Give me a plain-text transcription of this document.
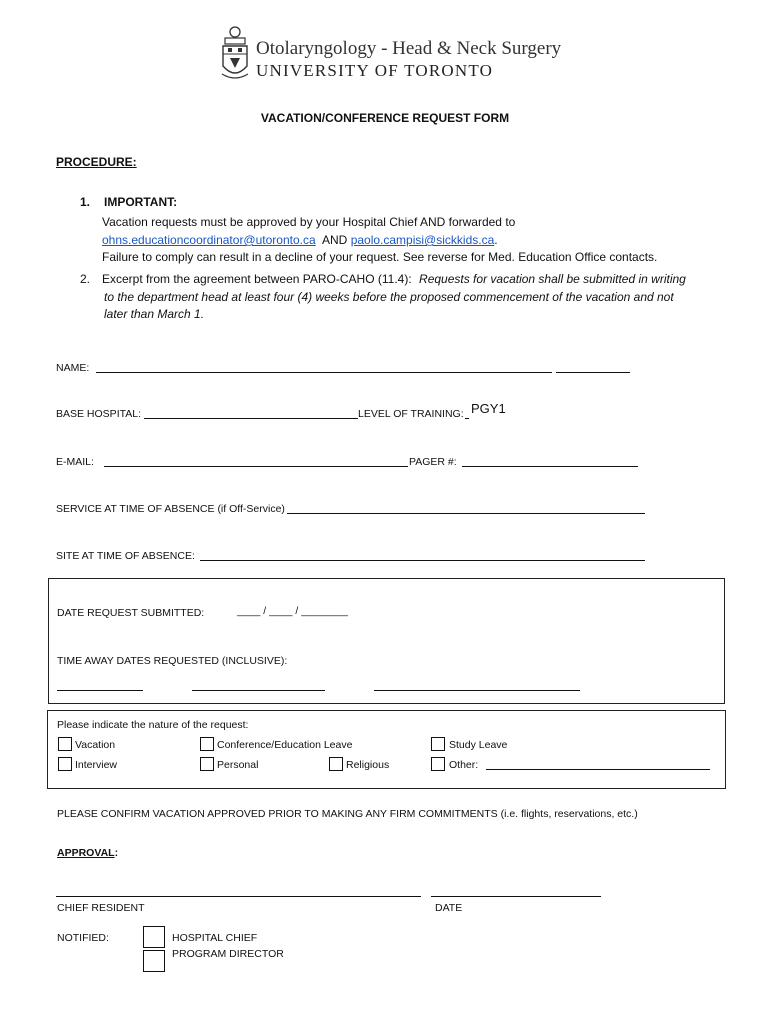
Otolaryngology - Head & Neck Surgery
UNIVERSITY OF TORONTO
VACATION/CONFERENCE REQUEST FORM
PROCEDURE:
1. IMPORTANT:
Vacation requests must be approved by your Hospital Chief AND forwarded to
ohns.educationcoordinator@utoronto.ca AND paolo.campisi@sickkids.ca.
Failure to comply can result in a decline of your request. See reverse for Med. Education Office contacts.
2. Excerpt from the agreement between PARO-CAHO (11.4): Requests for vacation shall be submitted in writing
to the department head at least four (4) weeks before the proposed commencement of the vacation and not
later than March 1.
NAME:
BASE HOSPITAL:	LEVEL OF TRAINING: PGY1
E-MAIL:	PAGER #:
SERVICE AT TIME OF ABSENCE (if Off-Service)
SITE AT TIME OF ABSENCE:
DATE REQUEST SUBMITTED:	____ / ____ / ________
TIME AWAY DATES REQUESTED (INCLUSIVE):
Please indicate the nature of the request:
Vacation	Conference/Education Leave	Study Leave
Interview	Personal	Religious	Other:
PLEASE CONFIRM VACATION APPROVED PRIOR TO MAKING ANY FIRM COMMITMENTS (i.e. flights, reservations, etc.)
APPROVAL:
CHIEF RESIDENT	DATE
NOTIFIED:	HOSPITAL CHIEF
PROGRAM DIRECTOR
